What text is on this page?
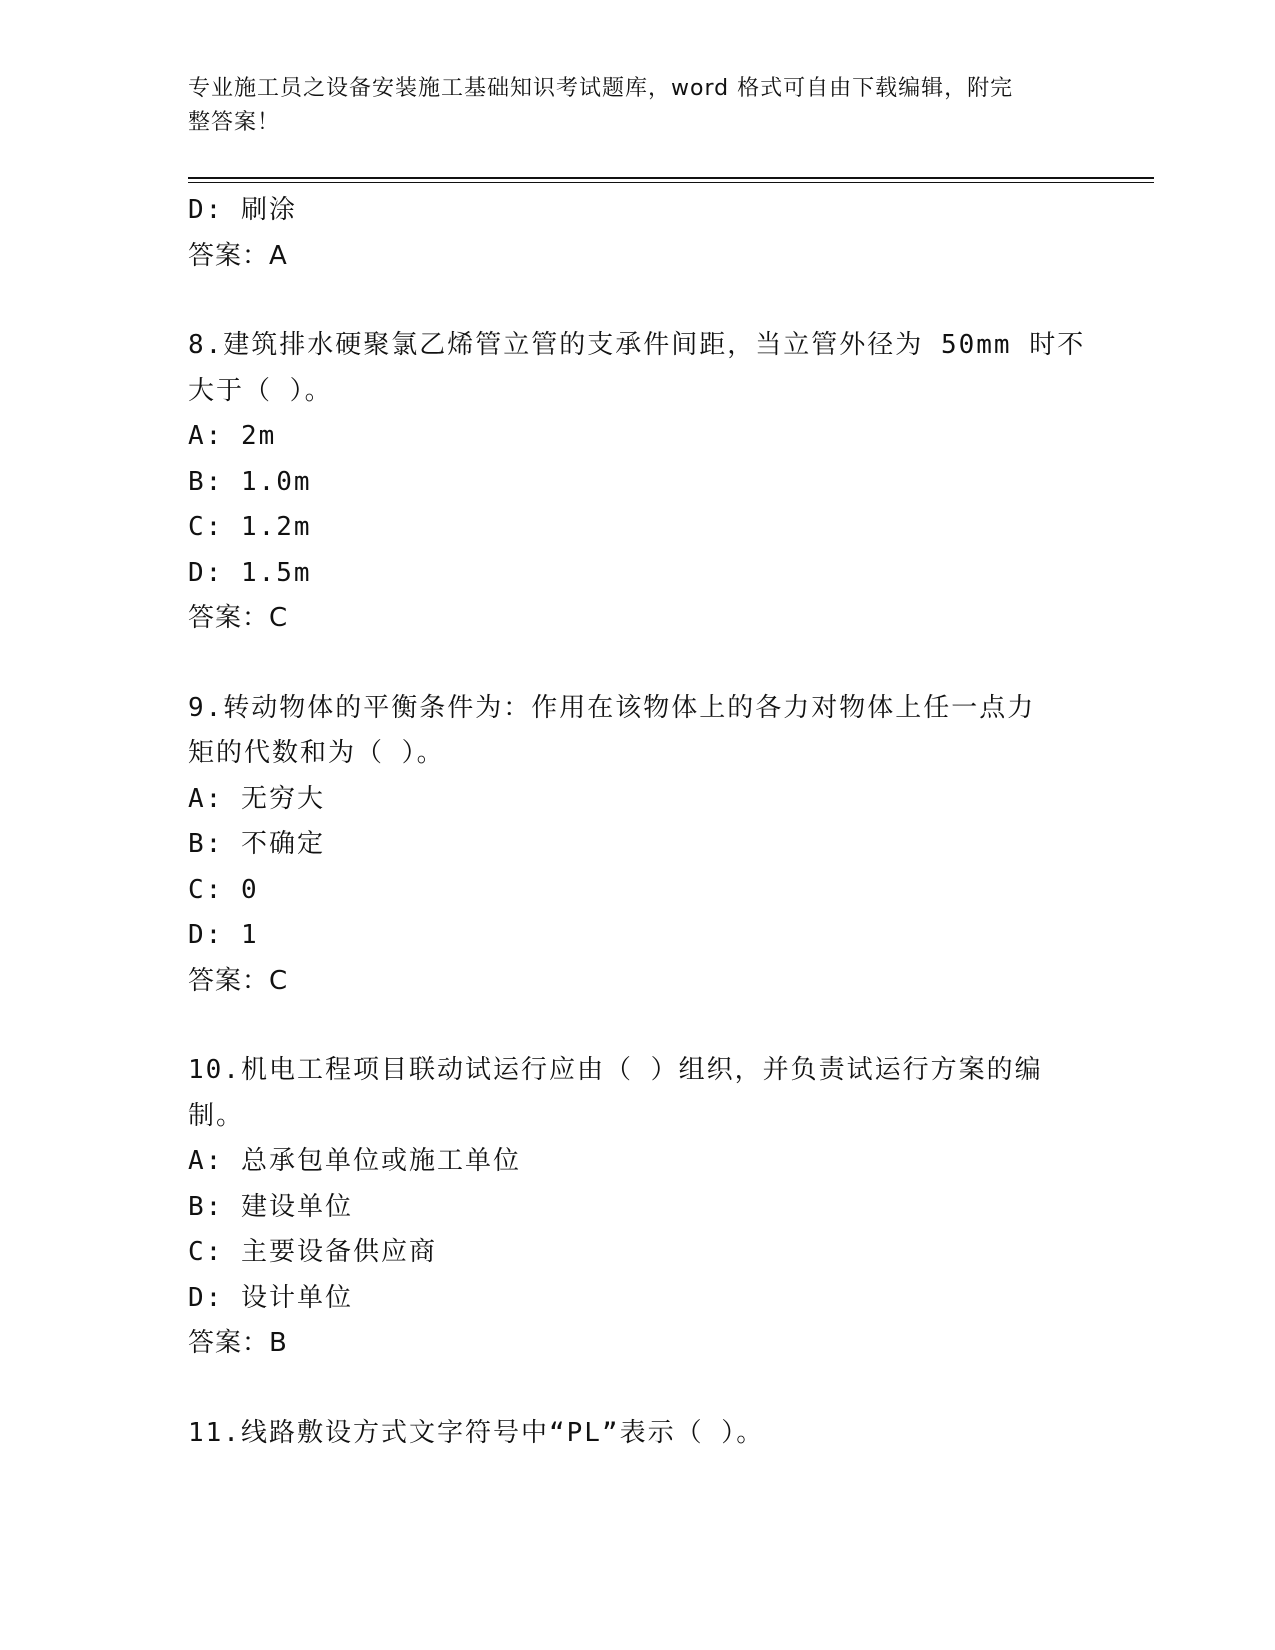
专业施工员之设备安装施工基础知识考试题库，word 格式可自由下载编辑，附完
整答案！
D: 刷涂
答案：A
8.建筑排水硬聚氯乙烯管立管的支承件间距，当立管外径为 50mm 时不
大于（ ）。
A: 2m
B: 1.0m
C: 1.2m
D: 1.5m
答案：C
9.转动物体的平衡条件为：作用在该物体上的各力对物体上任一点力
矩的代数和为（ ）。
A: 无穷大
B: 不确定
C: 0
D: 1
答案：C
10.机电工程项目联动试运行应由（ ）组织，并负责试运行方案的编
制。
A: 总承包单位或施工单位
B: 建设单位
C: 主要设备供应商
D: 设计单位
答案：B
11.线路敷设方式文字符号中“PL”表示（ ）。
